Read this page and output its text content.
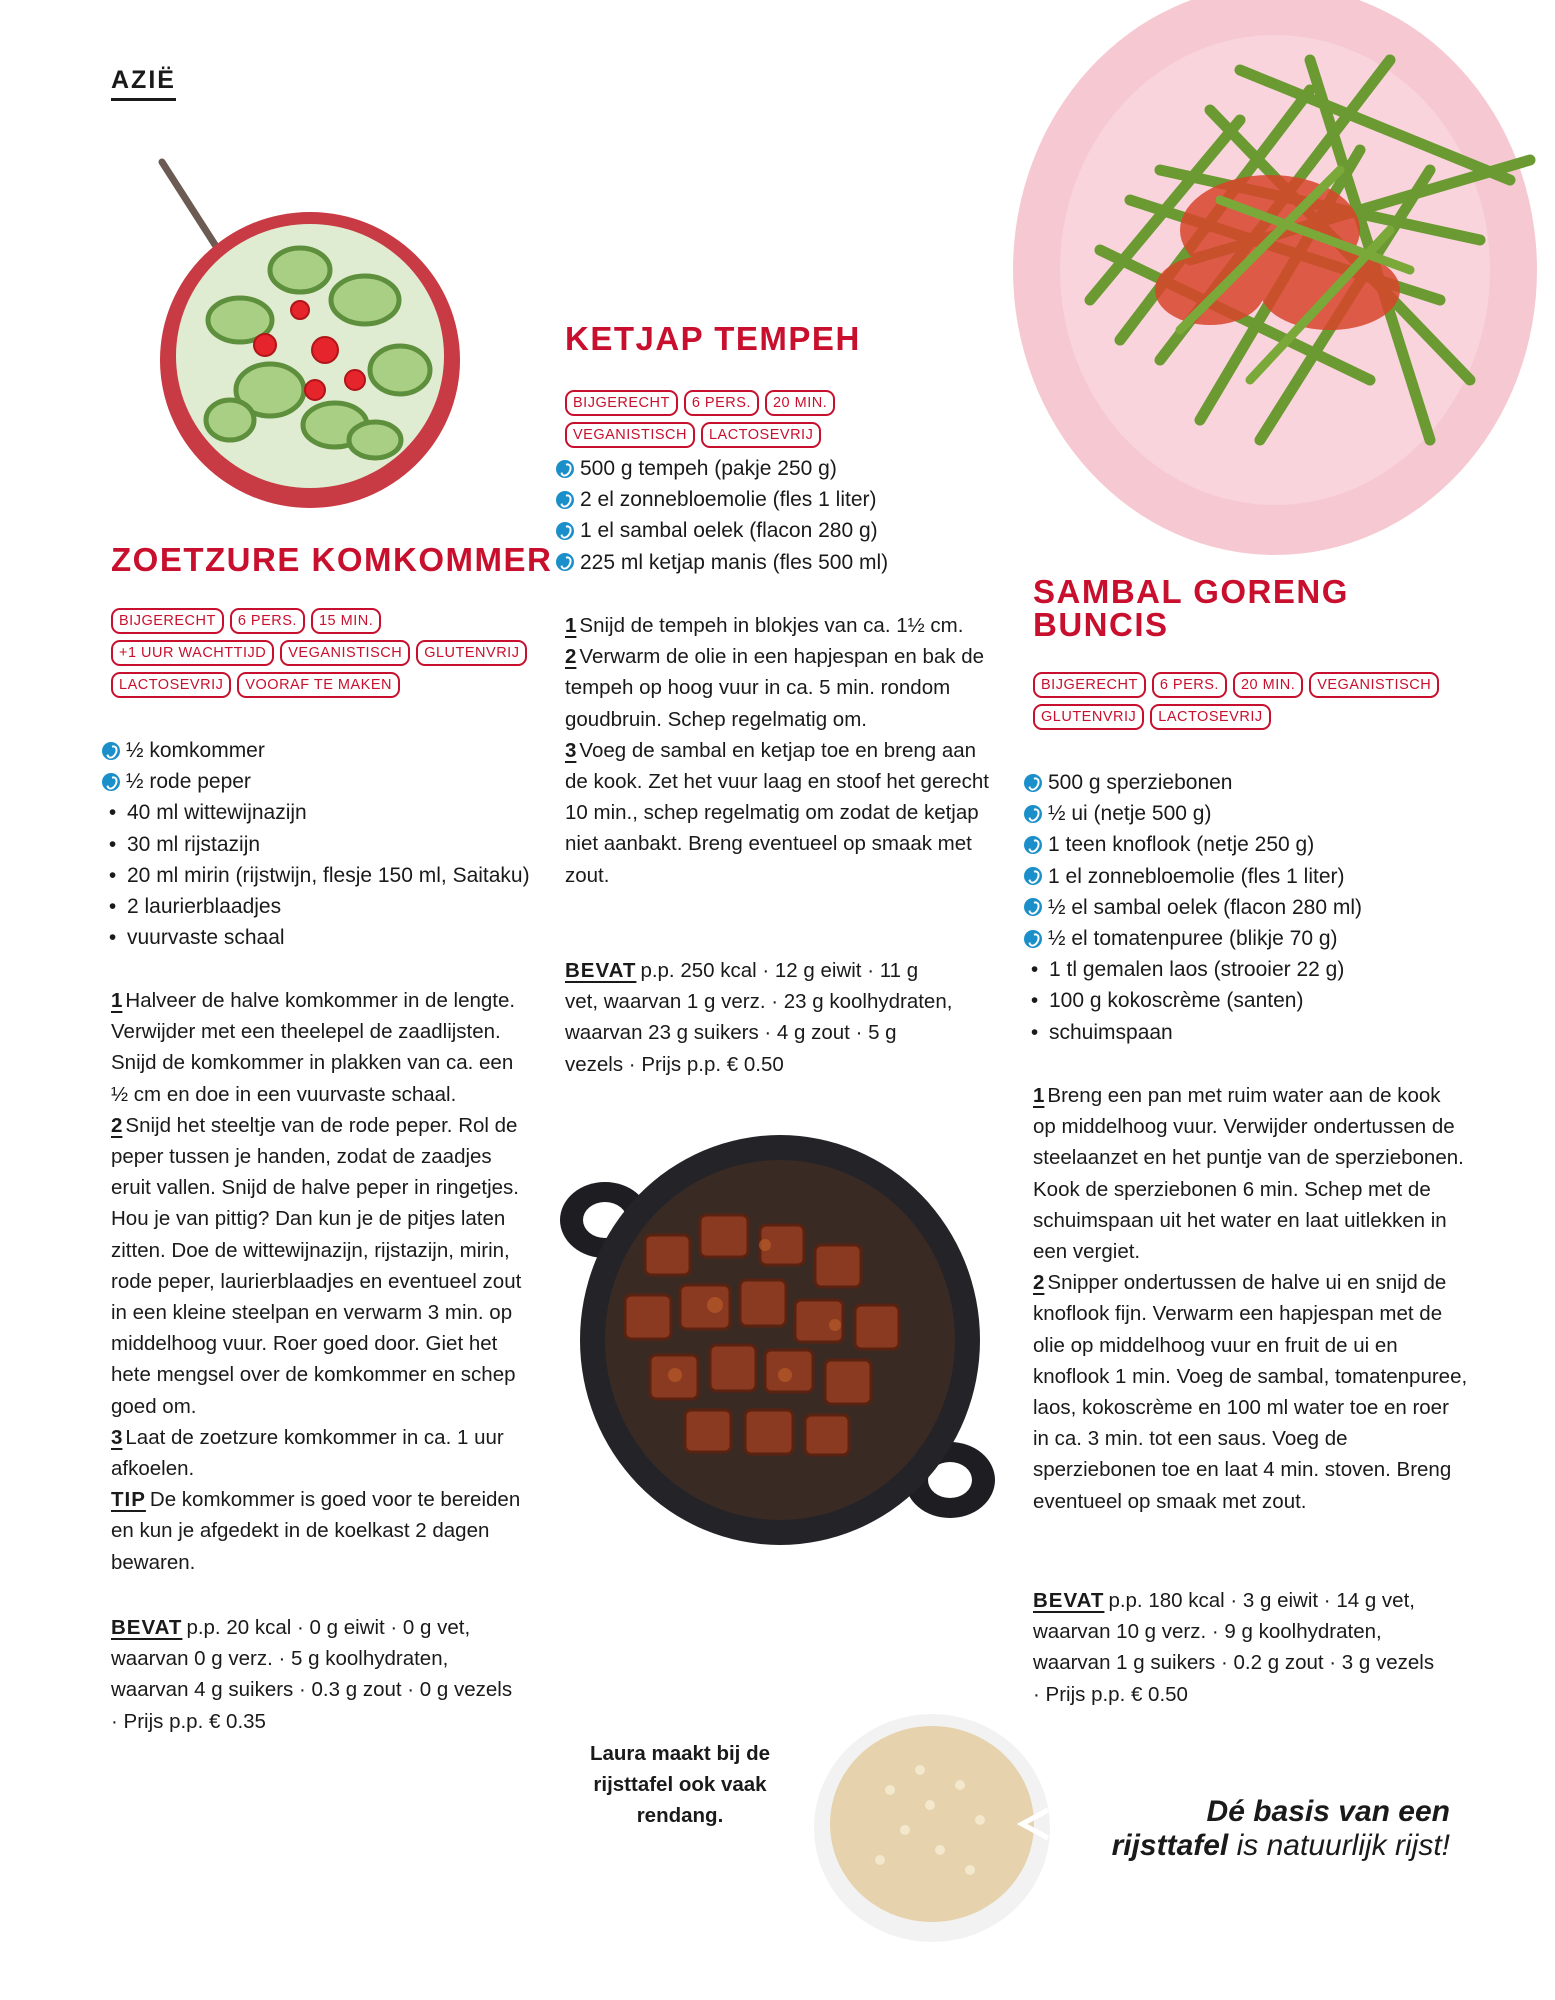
AZIË
ZOETZURE KOMKOMMER
BIJGERECHT	6 PERS.	15 MIN.
+1 UUR WACHTTIJD	VEGANISTISCH	GLUTENVRIJ
LACTOSEVRIJ	VOORAF TE MAKEN
½ komkommer
½ rode peper
• 40 ml wittewijnazijn
• 30 ml rijstazijn
• 20 ml mirin (rijstwijn, flesje 150 ml, Saitaku)
• 2 laurierblaadjes
• vuurvaste schaal

1 Halveer de halve komkommer in de lengte. Verwijder met een theelepel de zaadlijsten. Snijd de komkommer in plakken van ca. een ½ cm en doe in een vuurvaste schaal.

2 Snijd het steeltje van de rode peper. Rol de peper tussen je handen, zodat de zaadjes eruit vallen. Snijd de halve peper in ringetjes. Hou je van pittig? Dan kun je de pitjes laten zitten. Doe de wittewijnazijn, rijstazijn, mirin, rode peper, laurierblaadjes en eventueel zout in een kleine steelpan en verwarm 3 min. op middelhoog vuur. Roer goed door. Giet het hete mengsel over de komkommer en schep goed om.

3 Laat de zoetzure komkommer in ca. 1 uur afkoelen.

TIP De komkommer is goed voor te bereiden en kun je afgedekt in de koelkast 2 dagen bewaren.

BEVAT p.p. 20 kcal · 0 g eiwit · 0 g vet, waarvan 0 g verz. · 5 g koolhydraten, waarvan 4 g suikers · 0.3 g zout · 0 g vezels · Prijs p.p. € 0.35
KETJAP TEMPEH
BIJGERECHT	6 PERS.	20 MIN.
VEGANISTISCH	LACTOSEVRIJ
500 g tempeh (pakje 250 g)
2 el zonnebloemolie (fles 1 liter)
1 el sambal oelek (flacon 280 g)
225 ml ketjap manis (fles 500 ml)

1 Snijd de tempeh in blokjes van ca. 1½ cm.

2 Verwarm de olie in een hapjespan en bak de tempeh op hoog vuur in ca. 5 min. rondom goudbruin. Schep regelmatig om.

3 Voeg de sambal en ketjap toe en breng aan de kook. Zet het vuur laag en stoof het gerecht 10 min., schep regelmatig om zodat de ketjap niet aanbakt. Breng eventueel op smaak met zout.

BEVAT p.p. 250 kcal · 12 g eiwit · 11 g vet, waarvan 1 g verz. · 23 g koolhydraten, waarvan 23 g suikers · 4 g zout · 5 g vezels · Prijs p.p. € 0.50
SAMBAL GORENG
BUNCIS
BIJGERECHT	6 PERS.	20 MIN.	VEGANISTISCH
GLUTENVRIJ	LACTOSEVRIJ
500 g sperziebonen
½ ui (netje 500 g)
1 teen knoflook (netje 250 g)
1 el zonnebloemolie (fles 1 liter)
½ el sambal oelek (flacon 280 ml)
½ el tomatenpuree (blikje 70 g)
• 1 tl gemalen laos (strooier 22 g)
• 100 g kokoscrème (santen)
• schuimspaan

1 Breng een pan met ruim water aan de kook op middelhoog vuur. Verwijder ondertussen de steelaanzet en het puntje van de sperziebonen. Kook de sperziebonen 6 min. Schep met de schuimspaan uit het water en laat uitlekken in een vergiet.

2 Snipper ondertussen de halve ui en snijd de knoflook fijn. Verwarm een hapjespan met de olie op middelhoog vuur en fruit de ui en knoflook 1 min. Voeg de sambal, tomatenpuree, laos, kokoscrème en 100 ml water toe en roer in ca. 3 min. tot een saus. Voeg de sperziebonen toe en laat 4 min. stoven. Breng eventueel op smaak met zout.

BEVAT p.p. 180 kcal · 3 g eiwit · 14 g vet, waarvan 10 g verz. · 9 g koolhydraten, waarvan 1 g suikers · 0.2 g zout · 3 g vezels · Prijs p.p. € 0.50
Laura maakt bij de rijsttafel ook vaak rendang.	Dé basis van een
rijsttafel is natuurlijk rijst!
